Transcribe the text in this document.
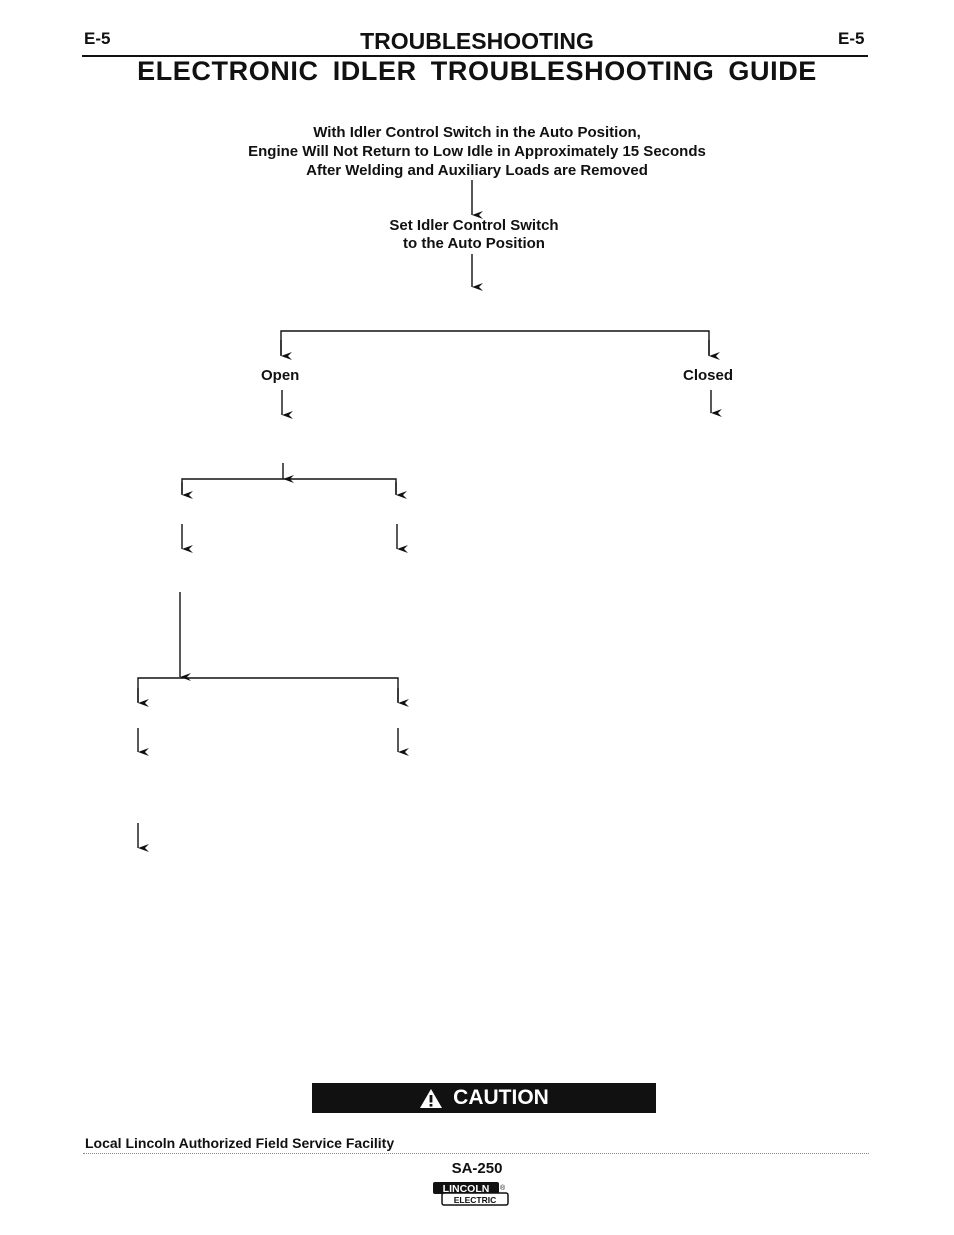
E-5	E-5
TROUBLESHOOTING
ELECTRONIC IDLER TROUBLESHOOTING GUIDE
With Idler Control Switch in the Auto Position,
Engine Will Not Return to Low Idle in Approximately 15 Seconds
After Welding and Auxiliary Loads are Removed
Set Idler Control Switch
to the Auto Position
Open	Closed
CAUTION
Local Lincoln Authorized Field Service Facility
SA-250
LINCOLN
ELECTRIC
®
